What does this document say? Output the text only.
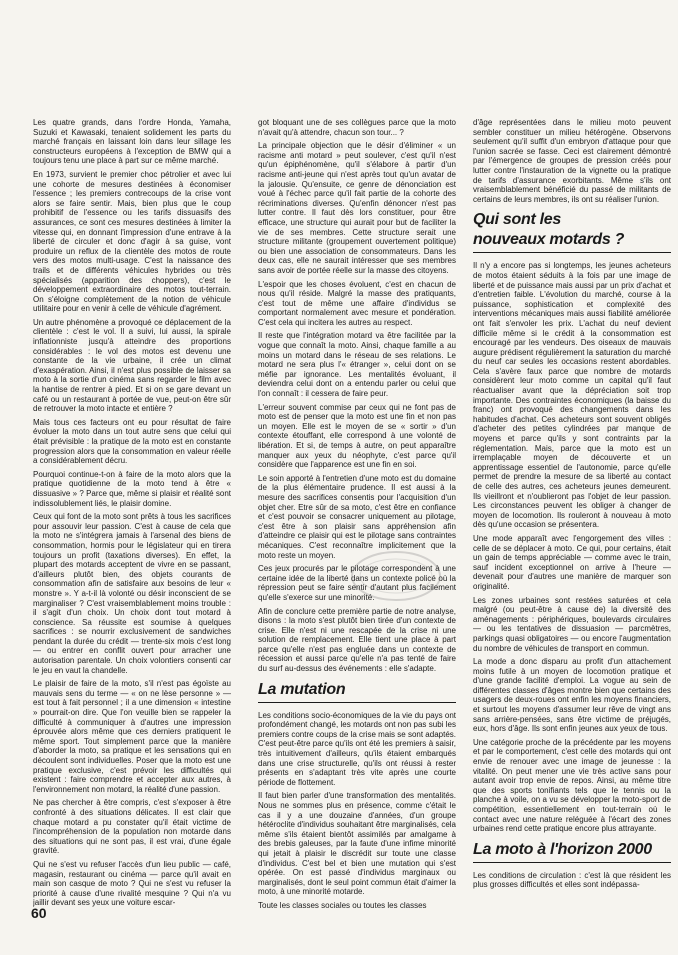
Les quatre grands, dans l'ordre Honda, Yamaha, Suzuki et Kawasaki, tenaient solidement les parts du marché français en laissant loin dans leur sillage les constructeurs européens à l'exception de BMW qui a toujours tenu une place à part sur ce même marché.

En 1973, survient le premier choc pétrolier et avec lui une cohorte de mesures destinées à économiser l'essence ; les premiers contrecoups de la crise vont alors se faire sentir. Mais, bien plus que le coup prohibitif de l'essence ou les tarifs dissuasifs des assurances, ce sont ces mesures destinées à limiter la vitesse qui, en donnant l'impression d'une entrave à la liberté de circuler et donc d'agir à sa guise, vont produire un reflux de la clientèle des motos de route vers des motos multi-usage. C'est la naissance des trails et de différents véhicules hybrides ou très spécialisés (apparition des choppers), c'est le développement extraordinaire des motos tout-terrain. On s'éloigne complètement de la notion de véhicule utilitaire pour en venir à celle de véhicule d'agrément.

Un autre phénomène a provoqué ce déplacement de la clientèle : c'est le vol. Il a suivi, lui aussi, la spirale inflationniste jusqu'à atteindre des proportions considérables : le vol des motos est devenu une constante de la vie urbaine, il crée un climat d'exaspération. Ainsi, il n'est plus possible de laisser sa moto à la sortie d'un cinéma sans regarder le film avec la hantise de rentrer à pied. Et si on se gare devant un café ou un restaurant à portée de vue, peut-on être sûr de retrouver la moto intacte et entière ?

Mais tous ces facteurs ont eu pour résultat de faire évoluer la moto dans un tout autre sens que celui qui était prévisible : la pratique de la moto est en constante progression alors que la consommation en valeur réelle a considérablement décru.

Pourquoi continue-t-on à faire de la moto alors que la pratique quotidienne de la moto tend à être « dissuasive » ? Parce que, même si plaisir et réalité sont indissolublement liés, le plaisir domine.

Ceux qui font de la moto sont prêts à tous les sacrifices pour assouvir leur passion. C'est à cause de cela que la moto ne s'intégrera jamais à l'arsenal des biens de consommation, hormis pour le législateur qui en tirera toujours un profit (taxations diverses). En effet, la plupart des motards acceptent de vivre en se passant, d'ailleurs plutôt bien, des objets courants de consommation afin de satisfaire aux besoins de leur « monstre ». Y a-t-il là volonté ou désir inconscient de se marginaliser ? C'est vraisemblablement moins trouble : il s'agit d'un choix. Un choix dont tout motard à conscience. Sa réussite est soumise à quelques sacrifices : se nourrir exclusivement de sandwiches pendant la durée du crédit — trente-six mois c'est long — ou entrer en conflit ouvert pour arracher une autorisation parentale. Un choix volontiers consenti car le jeu en vaut la chandelle.

Le plaisir de faire de la moto, s'il n'est pas égoïste au mauvais sens du terme — « on ne lèse personne » — est tout à fait personnel ; il a une dimension « intestine » pourrait-on dire. Que l'on veuille bien se rappeler la difficulté à communiquer à d'autres une impression éprouvée alors même que ces derniers pratiquent le même sport. Tout simplement parce que la manière d'aborder la moto, sa pratique et les sensations qui en découlent sont individuelles. Poser que la moto est une pratique exclusive, c'est prévoir les difficultés qui existent : faire comprendre et accepter aux autres, à l'environnement non motard, la réalité d'une passion.

Ne pas chercher à être compris, c'est s'exposer à être confronté à des situations délicates. Il est clair que chaque motard a pu constater qu'il était victime de l'incompréhension de la population non motarde dans des situations qui ne sont pas, il est vrai, d'une égale gravité.

Qui ne s'est vu refuser l'accès d'un lieu public — café, magasin, restaurant ou cinéma — parce qu'il avait en main son casque de moto ? Qui ne s'est vu refuser la priorité à cause d'une rivalité mesquine ? Qui n'a vu jaillir devant ses yeux une voiture escar-

got bloquant une de ses collègues parce que la moto n'avait qu'à attendre, chacun son tour... ?

La principale objection que le désir d'éliminer « un racisme anti motard » peut soulever, c'est qu'il n'est qu'un épiphénomène, qu'il s'élabore à partir d'un racisme anti-jeune qui n'est après tout qu'un avatar de la jalousie. Qu'ensuite, ce genre de dénonciation est voué à l'échec parce qu'il fait partie de la cohorte des récriminations diverses. Qu'enfin dénoncer n'est pas lutter contre. Il faut dès lors constituer, pour être efficace, une structure qui aurait pour but de faciliter la vie de ses membres. Cette structure serait une structure militante (groupement ouvertement politique) ou bien une association de consommateurs. Dans les deux cas, elle ne saurait intéresser que ses membres sans avoir de portée réelle sur la masse des citoyens.

L'espoir que les choses évoluent, c'est en chacun de nous qu'il réside. Malgré la masse des pratiquants, c'est tout de même une affaire d'individus se comportant normalement avec mesure et pondération. C'est cela qui incitera les autres au respect.

Il reste que l'intégration motard va être facilitée par la vogue que connaît la moto. Ainsi, chaque famille a au moins un motard dans le réseau de ses relations. Le motard ne sera plus l'« étranger », celui dont on se méfie par ignorance. Les mentalités évoluant, il deviendra celui dont on a entendu parler ou celui que l'on connaît : il cessera de faire peur.

L'erreur souvent commise par ceux qui ne font pas de moto est de penser que la moto est une fin et non pas un moyen. Elle est le moyen de se « sortir » d'un contexte étouffant, elle correspond à une volonté de libération. Et si, de temps à autre, on peut apparaître manquer aux yeux du néophyte, c'est parce qu'il considère que l'apparence est une fin en soi.

Le soin apporté à l'entretien d'une moto est du domaine de la plus élémentaire prudence. Il est aussi à la mesure des sacrifices consentis pour l'acquisition d'un objet cher. Etre sûr de sa moto, c'est être en confiance et c'est pouvoir se consacrer uniquement au pilotage, c'est être à son plaisir sans appréhension afin d'atteindre ce plaisir qui est le pilotage sans contraintes mécaniques. C'est reconnaître implicitement que la moto reste un moyen.

Ces jeux procurés par le pilotage correspondent à une certaine idée de la liberté dans un contexte policé où la répression peut se faire sentir d'autant plus facilement qu'elle s'exerce sur une minorité.

Afin de conclure cette première partie de notre analyse, disons : la moto s'est plutôt bien tirée d'un contexte de crise. Elle n'est ni une rescapée de la crise ni une solution de remplacement. Elle tient une place à part parce qu'elle n'est pas engluée dans un contexte de récession et aussi parce qu'elle n'a pas tenté de faire du surf au-dessus des événements : elle s'adapte.

La mutation

Les conditions socio-économiques de la vie du pays ont profondément changé, les motards ont non pas subi les premiers contre coups de la crise mais se sont adaptés. C'est peut-être parce qu'ils ont été les premiers à saisir, très intuitivement d'ailleurs, qu'ils étaient embarqués dans une crise structurelle, qu'ils ont réussi à rester présents en s'adaptant très vite après une courte période de flottement.

Il faut bien parler d'une transformation des mentalités. Nous ne sommes plus en présence, comme c'était le cas il y a une douzaine d'années, d'un groupe hétéroclite d'individus souhaitant être marginalisés, cela même s'ils étaient bientôt assimilés par amalgame à des brebis galeuses, par la faute d'une infime minorité qui jetait à plaisir le discrédit sur toute une classe d'individus. C'est bel et bien une mutation qui s'est opérée. On est passé d'individus marginaux ou marginalisés, dont le seul point commun était d'aimer la moto, à une minorité motarde.

Toute les classes sociales ou toutes les classes

d'âge représentées dans le milieu moto peuvent sembler constituer un milieu hétérogène. Observons seulement qu'il suffit d'un embryon d'attaque pour que l'union sacrée se fasse. Ceci est clairement démontré par l'émergence de groupes de pression créés pour lutter contre l'instauration de la vignette ou la pratique de tarifs d'assurance exorbitants. Même s'ils ont vraisemblablement bénéficié du passé de militants de certains de leurs membres, ils ont su réaliser l'union.

Qui sont les
nouveaux motards ?

Il n'y a encore pas si longtemps, les jeunes acheteurs de motos étaient séduits à la fois par une image de liberté et de puissance mais aussi par un prix d'achat et d'entretien faible. L'évolution du marché, course à la puissance, sophistication et complexité des interventions mécaniques mais aussi fiabilité améliorée ont fait s'envoler les prix. L'achat du neuf devient difficile même si le crédit à la consommation est encouragé par les vendeurs. Des oiseaux de mauvais augure prédisent régulièrement la saturation du marché du neuf car seules les occasions restent abordables. Cela s'avère faux parce que nombre de motards considèrent leur moto comme un capital qu'il faut réactualiser avant que la dépréciation soit trop importante. Des contraintes économiques (la baisse du franc) ont provoqué des changements dans les habitudes d'achat. Ces acheteurs sont souvent obligés d'acheter des petites cylindrées par manque de moyens et parce qu'ils y sont contraints par la réglementation. Mais, parce que la moto est un irremplaçable moyen de découverte et un apprentissage essentiel de l'autonomie, parce qu'elle permet de prendre la mesure de sa liberté au contact de celle des autres, ces acheteurs jeunes demeurent. Ils vieillront et n'oublieront pas l'objet de leur passion. Les circonstances peuvent les obliger à changer de moyen de locomotion. Ils rouleront à nouveau à moto dès qu'une occasion se présentera.

Une mode apparaît avec l'engorgement des villes : celle de se déplacer à moto. Ce qui, pour certains, était un gain de temps appréciable — comme avec le train, sauf incident exceptionnel on arrive à l'heure — devenait pour d'autres une manière de marquer son originalité.

Les zones urbaines sont restées saturées et cela malgré (ou peut-être à cause de) la diversité des aménagements : périphériques, boulevards circulaires — ou les tentatives de dissuasion — parcmètres, parkings quasi obligatoires — ou encore l'augmentation du nombre de véhicules de transport en commun.

La mode a donc disparu au profit d'un attachement moins futile à un moyen de locomotion pratique et d'une grande facilité d'emploi. La vogue au sein de différentes classes d'âges montre bien que certains des usagers de deux-roues ont enfin les moyens financiers, et surtout les moyens d'assumer leur rêve de vingt ans sans arrière-pensées, sans être victime de préjugés, eux, hors d'âge. Ils sont enfin jeunes aux yeux de tous.

Une catégorie proche de la précédente par les moyens et par le comportement, c'est celle des motards qui ont envie de renouer avec une image de jeunesse : la vitalité. On peut mener une vie très active sans pour autant avoir trop envie de repos. Ainsi, au même titre que des sports tonifiants tels que le tennis ou la planche à voile, on a vu se développer la moto-sport de compétition, essentiellement en tout-terrain où le contact avec une nature reléguée à l'écart des zones urbaines rend cette pratique encore plus attrayante.

La moto à l'horizon 2000

Les conditions de circulation : c'est là que résident les plus grosses difficultés et elles sont indépassa-

60
